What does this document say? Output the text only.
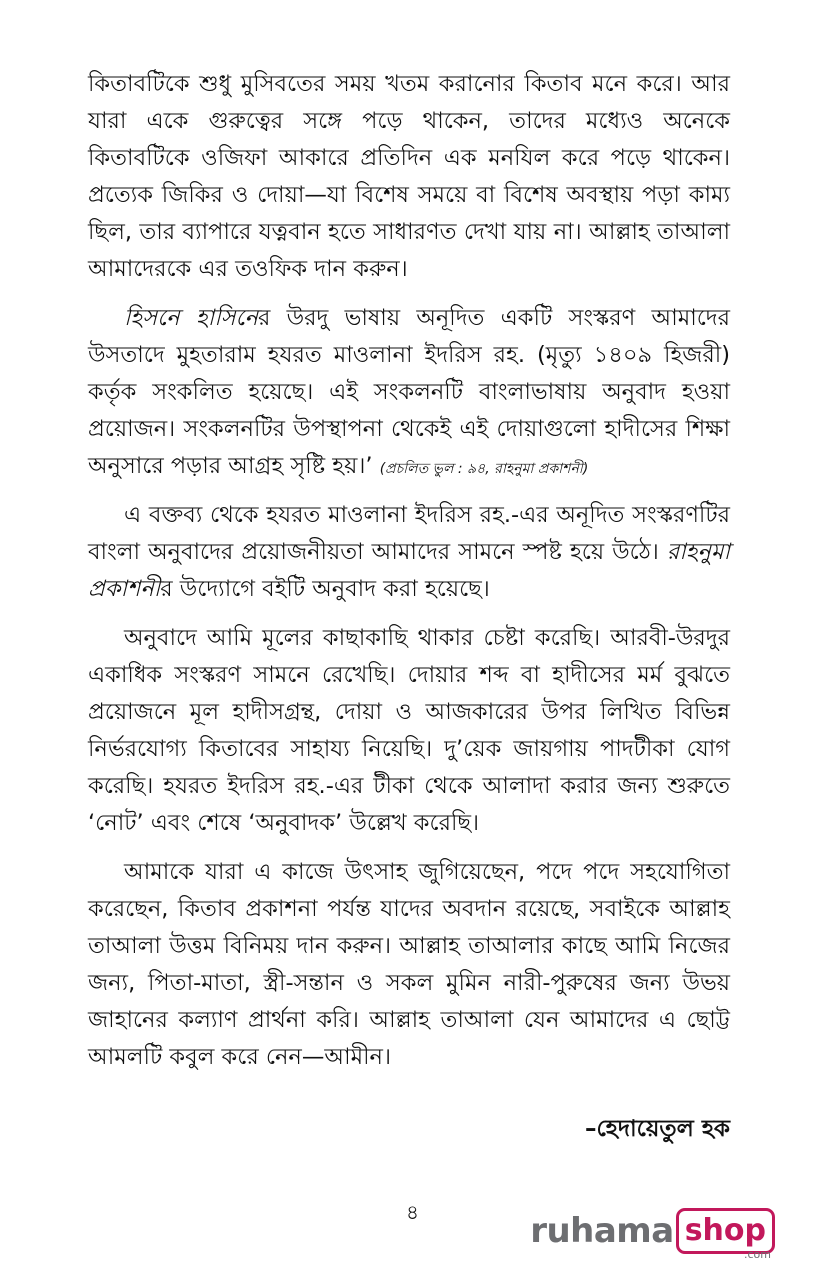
কিতাবটিকে শুধু মুসিবতের সময় খতম করানোর কিতাব মনে করে। আর যারা একে গুরুত্বের সঙ্গে পড়ে থাকেন, তাদের মধ্যেও অনেকে কিতাবটিকে ওজিফা আকারে প্রতিদিন এক মনযিল করে পড়ে থাকেন। প্রত্যেক জিকির ও দোয়া—যা বিশেষ সময়ে বা বিশেষ অবস্থায় পড়া কাম্য ছিল, তার ব্যাপারে যত্নবান হতে সাধারণত দেখা যায় না। আল্লাহ তাআলা আমাদেরকে এর তওফিক দান করুন।

হিসনে হাসিনের উরদু ভাষায় অনূদিত একটি সংস্করণ আমাদের উসতাদে মুহতারাম হযরত মাওলানা ইদরিস রহ. (মৃত্যু ১৪০৯ হিজরী) কর্তৃক সংকলিত হয়েছে। এই সংকলনটি বাংলাভাষায় অনুবাদ হওয়া প্রয়োজন। সংকলনটির উপস্থাপনা থেকেই এই দোয়াগুলো হাদীসের শিক্ষা অনুসারে পড়ার আগ্রহ সৃষ্টি হয়।’ (প্রচলিত ভুল : ৯৪, রাহনুমা প্রকাশনী)

এ বক্তব্য থেকে হযরত মাওলানা ইদরিস রহ.-এর অনূদিত সংস্করণটির বাংলা অনুবাদের প্রয়োজনীয়তা আমাদের সামনে স্পষ্ট হয়ে উঠে। রাহনুমা প্রকাশনীর উদ্যোগে বইটি অনুবাদ করা হয়েছে।

অনুবাদে আমি মূলের কাছাকাছি থাকার চেষ্টা করেছি। আরবী-উরদুর একাধিক সংস্করণ সামনে রেখেছি। দোয়ার শব্দ বা হাদীসের মর্ম বুঝতে প্রয়োজনে মূল হাদীসগ্রন্থ, দোয়া ও আজকারের উপর লিখিত বিভিন্ন নির্ভরযোগ্য কিতাবের সাহায্য নিয়েছি। দু’য়েক জায়গায় পাদটীকা যোগ করেছি। হযরত ইদরিস রহ.-এর টীকা থেকে আলাদা করার জন্য শুরুতে ‘নোট’ এবং শেষে ‘অনুবাদক’ উল্লেখ করেছি।

আমাকে যারা এ কাজে উৎসাহ জুগিয়েছেন, পদে পদে সহযোগিতা করেছেন, কিতাব প্রকাশনা পর্যন্ত যাদের অবদান রয়েছে, সবাইকে আল্লাহ তাআলা উত্তম বিনিময় দান করুন। আল্লাহ তাআলার কাছে আমি নিজের জন্য, পিতা-মাতা, স্ত্রী-সন্তান ও সকল মুমিন নারী-পুরুষের জন্য উভয় জাহানের কল্যাণ প্রার্থনা করি। আল্লাহ তাআলা যেন আমাদের এ ছোট্ট আমলটি কবুল করে নেন—আমীন।

–হেদায়েতুল হক
৪	ruhama shop
.com
